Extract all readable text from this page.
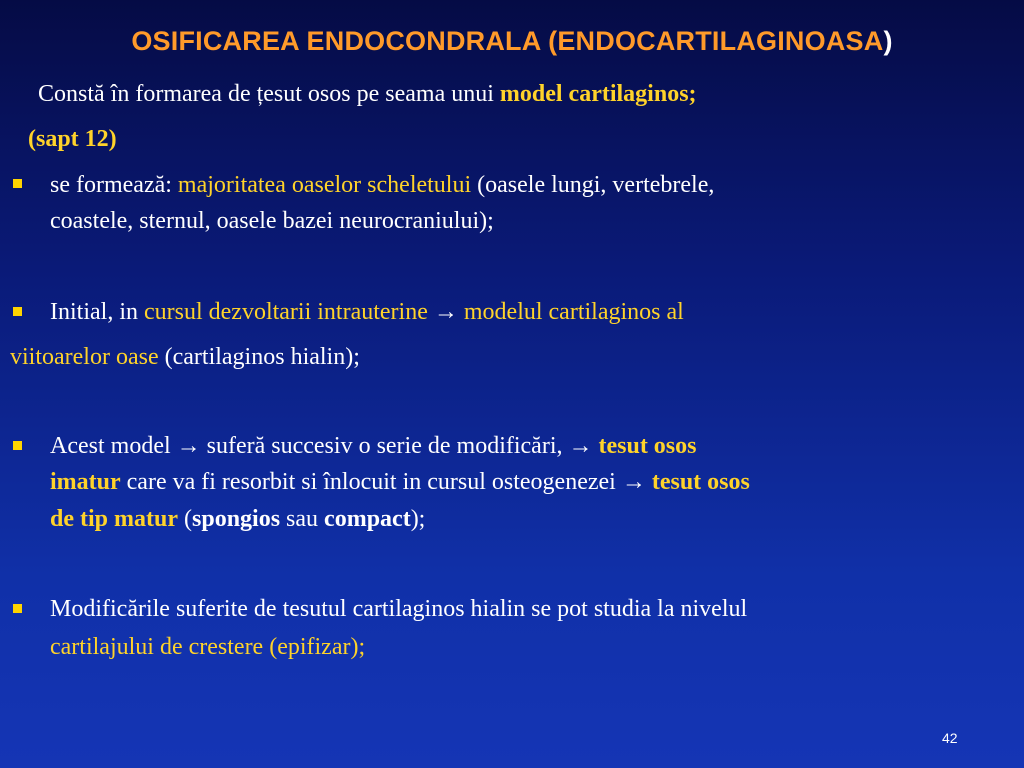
OSIFICAREA ENDOCONDRALA (ENDOCARTILAGINOASA)
Constă în formarea de țesut osos pe seama unui model cartilaginos;
(sapt 12)
se formează: majoritatea oaselor scheletului (oasele lungi, vertebrele,
coastele, sternul, oasele bazei neurocraniului);
Initial, in cursul dezvoltarii intrauterine → modelul cartilaginos al
viitoarelor oase (cartilaginos hialin);
Acest model → suferă succesiv o serie de modificări, → tesut osos
imatur care va fi resorbit si înlocuit in cursul osteogenezei → tesut osos
de tip matur (spongios sau compact);
Modificările suferite de tesutul cartilaginos hialin se pot studia la nivelul
cartilajului de crestere (epifizar);
42
